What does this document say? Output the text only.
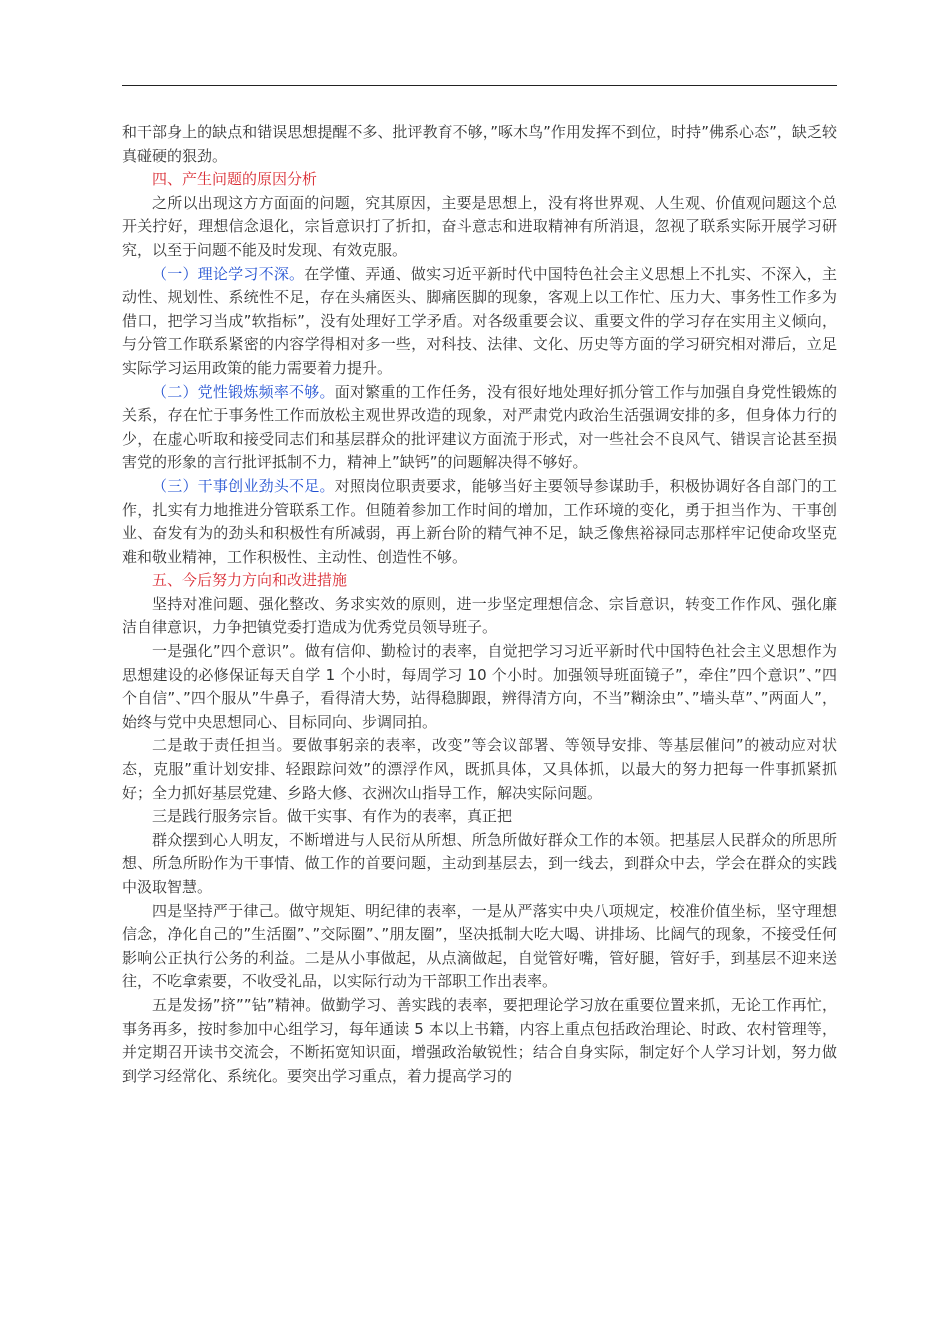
和干部身上的缺点和错误思想提醒不多、批评教育不够，”啄木鸟”作用发挥不到位，时持”佛系心态”，缺乏较真碰硬的狠劲。

四、产生问题的原因分析

之所以出现这方方面面的问题，究其原因，主要是思想上，没有将世界观、人生观、价值观问题这个总开关拧好，理想信念退化，宗旨意识打了折扣，奋斗意志和进取精神有所消退，忽视了联系实际开展学习研究，以至于问题不能及时发现、有效克服。

（一）理论学习不深。在学懂、弄通、做实习近平新时代中国特色社会主义思想上不扎实、不深入，主动性、规划性、系统性不足，存在头痛医头、脚痛医脚的现象，客观上以工作忙、压力大、事务性工作多为借口，把学习当成”软指标”，没有处理好工学矛盾。对各级重要会议、重要文件的学习存在实用主义倾向，与分管工作联系紧密的内容学得相对多一些，对科技、法律、文化、历史等方面的学习研究相对滞后，立足实际学习运用政策的能力需要着力提升。

（二）党性锻炼频率不够。面对繁重的工作任务，没有很好地处理好抓分管工作与加强自身党性锻炼的关系，存在忙于事务性工作而放松主观世界改造的现象，对严肃党内政治生活强调安排的多，但身体力行的少，在虚心听取和接受同志们和基层群众的批评建议方面流于形式，对一些社会不良风气、错误言论甚至损害党的形象的言行批评抵制不力，精神上”缺钙”的问题解决得不够好。

（三）干事创业劲头不足。对照岗位职责要求，能够当好主要领导参谋助手，积极协调好各自部门的工作，扎实有力地推进分管联系工作。但随着参加工作时间的增加，工作环境的变化，勇于担当作为、干事创业、奋发有为的劲头和积极性有所减弱，再上新台阶的精气神不足，缺乏像焦裕禄同志那样牢记使命攻坚克难和敬业精神，工作积极性、主动性、创造性不够。

五、今后努力方向和改进措施

坚持对准问题、强化整改、务求实效的原则，进一步坚定理想信念、宗旨意识，转变工作作风、强化廉洁自律意识，力争把镇党委打造成为优秀党员领导班子。

一是强化”四个意识”。做有信仰、勤检讨的表率，自觉把学习习近平新时代中国特色社会主义思想作为思想建设的必修保证每天自学 1 个小时，每周学习 10 个小时。加强领导班面镜子”，牵住”四个意识”、”四个自信”、”四个服从”牛鼻子，看得清大势，站得稳脚跟，辨得清方向，不当”糊涂虫”、”墙头草”、”两面人”，始终与党中央思想同心、目标同向、步调同拍。

二是敢于责任担当。要做事躬亲的表率，改变”等会议部署、等领导安排、等基层催问”的被动应对状态，克服”重计划安排、轻跟踪问效”的漂浮作风，既抓具体，又具体抓，以最大的努力把每一件事抓紧抓好；全力抓好基层党建、乡路大修、衣洲次山指导工作，解决实际问题。

三是践行服务宗旨。做干实事、有作为的表率，真正把

群众摆到心人明友，不断增进与人民衍从所想、所急所做好群众工作的本领。把基层人民群众的所思所想、所急所盼作为干事情、做工作的首要问题，主动到基层去，到一线去，到群众中去，学会在群众的实践中汲取智慧。

四是坚持严于律己。做守规矩、明纪律的表率，一是从严落实中央八项规定，校准价值坐标，坚守理想信念，净化自己的”生活圈”、”交际圈”、”朋友圈”，坚决抵制大吃大喝、讲排场、比阔气的现象，不接受任何影响公正执行公务的利益。二是从小事做起，从点滴做起，自觉管好嘴，管好腿，管好手，到基层不迎来送往，不吃拿索要，不收受礼品，以实际行动为干部职工作出表率。

五是发扬”挤””钻”精神。做勤学习、善实践的表率，要把理论学习放在重要位置来抓，无论工作再忙，事务再多，按时参加中心组学习，每年通读 5 本以上书籍，内容上重点包括政治理论、时政、农村管理等，并定期召开读书交流会，不断拓宽知识面，增强政治敏锐性；结合自身实际，制定好个人学习计划，努力做到学习经常化、系统化。要突出学习重点，着力提高学习的
